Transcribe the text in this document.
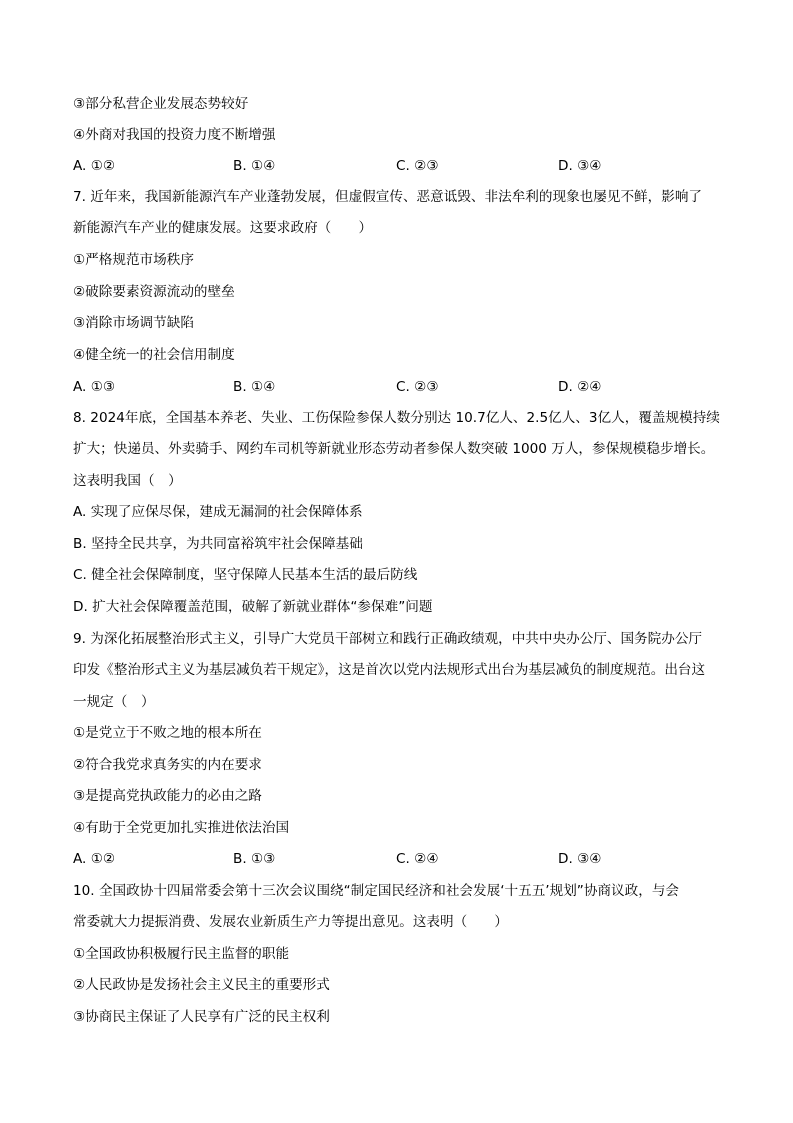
③部分私营企业发展态势较好
④外商对我国的投资力度不断增强
A. ①②	B. ①④	C. ②③	D. ③④
7. 近年来，我国新能源汽车产业蓬勃发展，但虚假宣传、恶意诋毁、非法牟利的现象也屡见不鲜，影响了
新能源汽车产业的健康发展。这要求政府（　　）
①严格规范市场秩序
②破除要素资源流动的壁垒
③消除市场调节缺陷
④健全统一的社会信用制度
A. ①③	B. ①④	C. ②③	D. ②④
8. 2024年底，全国基本养老、失业、工伤保险参保人数分别达 10.7亿人、2.5亿人、3亿人，覆盖规模持续
扩大；快递员、外卖骑手、网约车司机等新就业形态劳动者参保人数突破 1000 万人，参保规模稳步增长。
这表明我国（　）
A. 实现了应保尽保，建成无漏洞的社会保障体系
B. 坚持全民共享，为共同富裕筑牢社会保障基础
C. 健全社会保障制度，坚守保障人民基本生活的最后防线
D. 扩大社会保障覆盖范围，破解了新就业群体“参保难”问题
9. 为深化拓展整治形式主义，引导广大党员干部树立和践行正确政绩观，中共中央办公厅、国务院办公厅
印发《整治形式主义为基层减负若干规定》，这是首次以党内法规形式出台为基层减负的制度规范。出台这
一规定（　）
①是党立于不败之地的根本所在
②符合我党求真务实的内在要求
③是提高党执政能力的必由之路
④有助于全党更加扎实推进依法治国
A. ①②	B. ①③	C. ②④	D. ③④
10. 全国政协十四届常委会第十三次会议围绕“制定国民经济和社会发展‘十五五’规划”协商议政，与会
常委就大力提振消费、发展农业新质生产力等提出意见。这表明（　　）
①全国政协积极履行民主监督的职能
②人民政协是发扬社会主义民主的重要形式
③协商民主保证了人民享有广泛的民主权利
